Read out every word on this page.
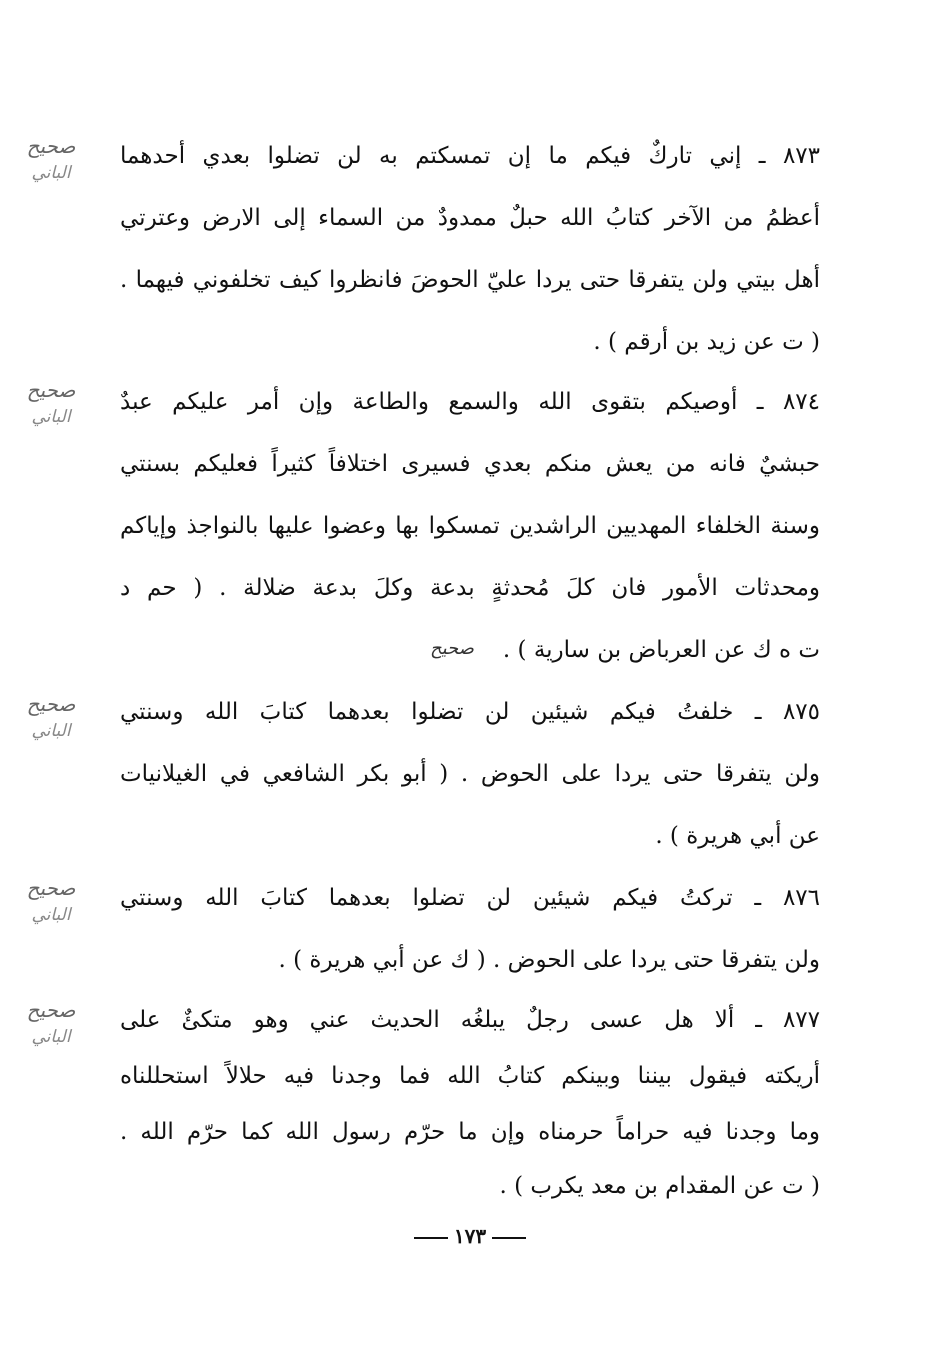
صحيح
الباني
صحيح
الباني
صحيح
الباني
صحيح
الباني
صحيح
الباني
٨٧٣ ـ إني تاركٌ فيكم ما إن تمسكتم به لن تضلوا بعدي أحدهما
أعظمُ من الآخر كتابُ الله حبلٌ ممدودٌ من السماء إلى الارض وعترتي
أهل بيتي ولن يتفرقا حتى يردا عليّ الحوضَ فانظروا كيف تخلفوني فيهما .
( ت عن زيد بن أرقم ) .
٨٧٤ ـ أوصيكم بتقوى الله والسمع والطاعة وإن أمر عليكم عبدٌ
حبشيٌ فانه من يعش منكم بعدي فسيرى اختلافاً كثيراً فعليكم بسنتي
وسنة الخلفاء المهديين الراشدين تمسكوا بها وعضوا عليها بالنواجذ وإياكم
ومحدثات الأمور فان كلَ مُحدثةٍ بدعة وكلَ بدعة ضلالة . ( حم د
ت ه ك عن العرباض بن سارية ) .
صحيح
٨٧٥ ـ خلفتُ فيكم شيئين لن تضلوا بعدهما كتابَ الله وسنتي
ولن يتفرقا حتى يردا على الحوض . ( أبو بكر الشافعي في الغيلانيات
عن أبي هريرة ) .
٨٧٦ ـ تركتُ فيكم شيئين لن تضلوا بعدهما كتابَ الله وسنتي
ولن يتفرقا حتى يردا على الحوض . ( ك عن أبي هريرة ) .
٨٧٧ ـ ألا هل عسى رجلٌ يبلغُه الحديث عني وهو متكئٌ على
أريكته فيقول بيننا وبينكم كتابُ الله فما وجدنا فيه حلالاً استحللناه
وما وجدنا فيه حراماً حرمناه وإن ما حرّم رسول الله كما حرّم الله .
( ت عن المقدام بن معد يكرب ) .
١٧٣
